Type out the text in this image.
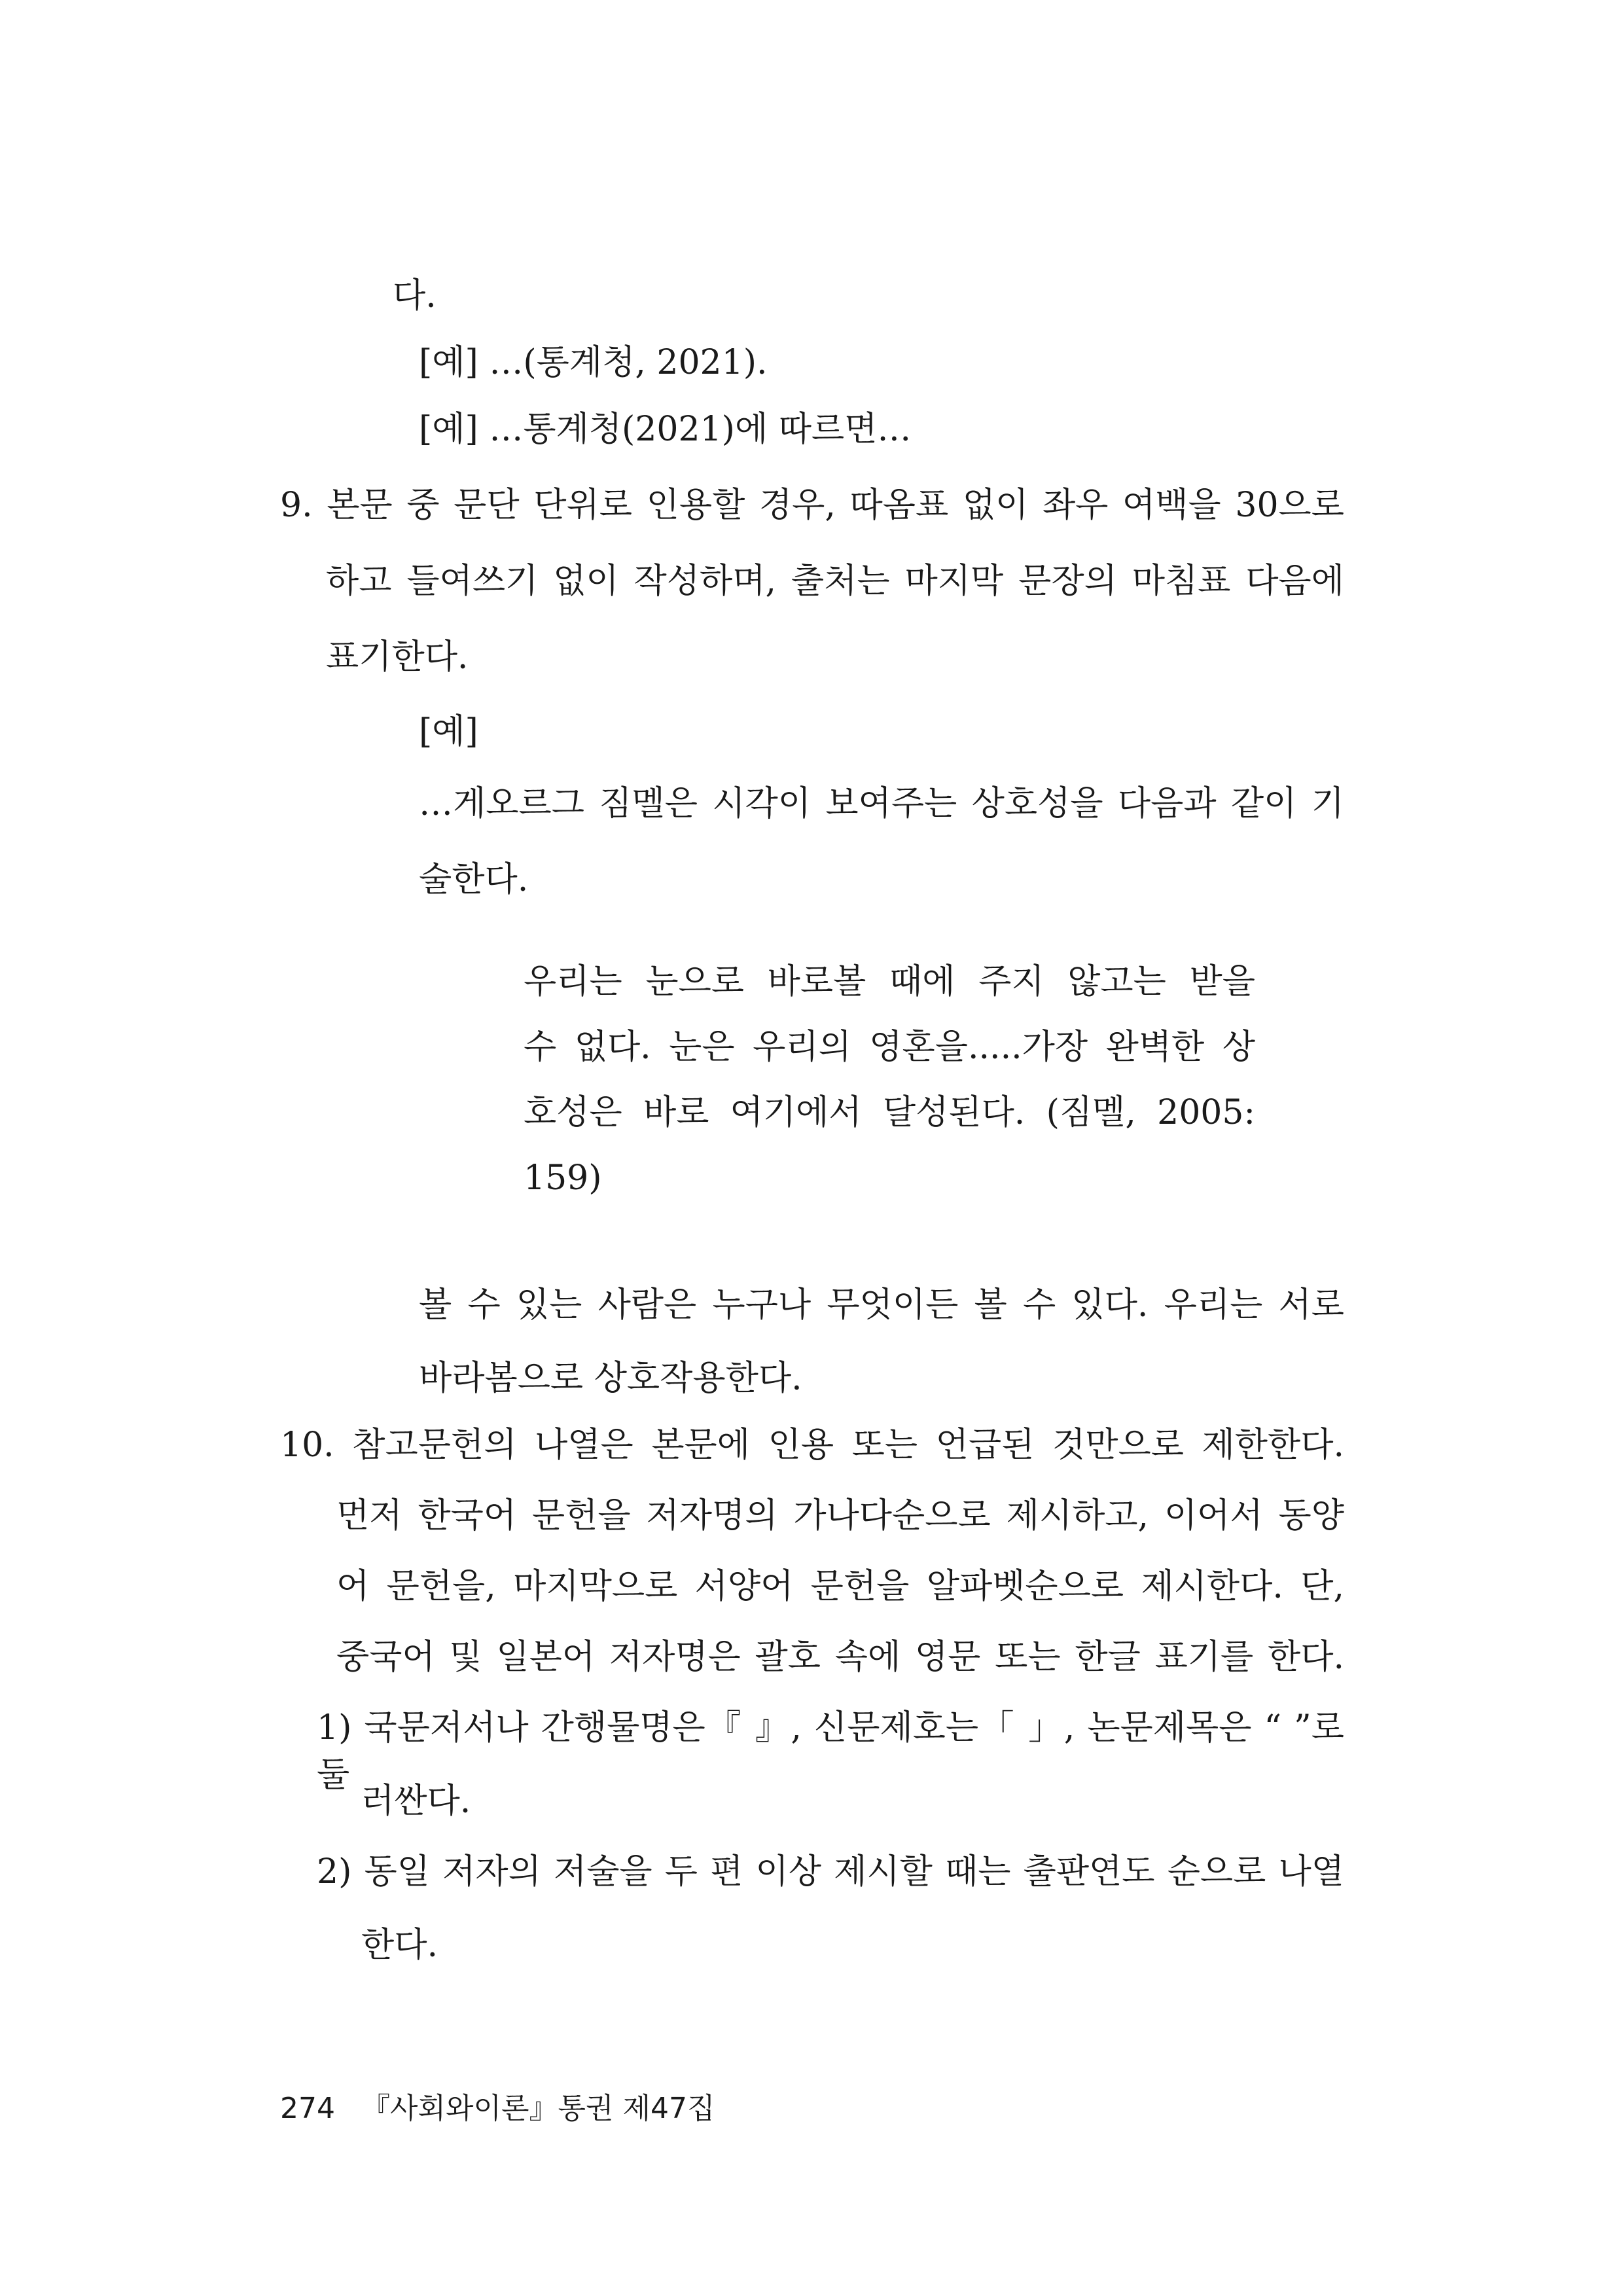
다.

[예] …(통계청, 2021).

[예] …통계청(2021)에 따르면…

9. 본문 중 문단 단위로 인용할 경우, 따옴표 없이 좌우 여백을 30으로

하고 들여쓰기 없이 작성하며, 출처는 마지막 문장의 마침표 다음에

표기한다.

[예]

…게오르그 짐멜은 시각이 보여주는 상호성을 다음과 같이 기

술한다.

우리는 눈으로 바로볼 때에 주지 않고는 받을

수 없다. 눈은 우리의 영혼을.....가장 완벽한 상

호성은 바로 여기에서 달성된다. (짐멜, 2005:

159)

볼 수 있는 사람은 누구나 무엇이든 볼 수 있다. 우리는 서로

바라봄으로 상호작용한다.

10. 참고문헌의 나열은 본문에 인용 또는 언급된 것만으로 제한한다.

먼저 한국어 문헌을 저자명의 가나다순으로 제시하고, 이어서 동양

어 문헌을, 마지막으로 서양어 문헌을 알파벳순으로 제시한다. 단,

중국어 및 일본어 저자명은 괄호 속에 영문 또는 한글 표기를 한다.

1) 국문저서나 간행물명은『 』, 신문제호는「 」, 논문제목은 “ ”로 둘

러싼다.

2) 동일 저자의 저술을 두 편 이상 제시할 때는 출판연도 순으로 나열

한다.

274 『사회와이론』통권 제47집
